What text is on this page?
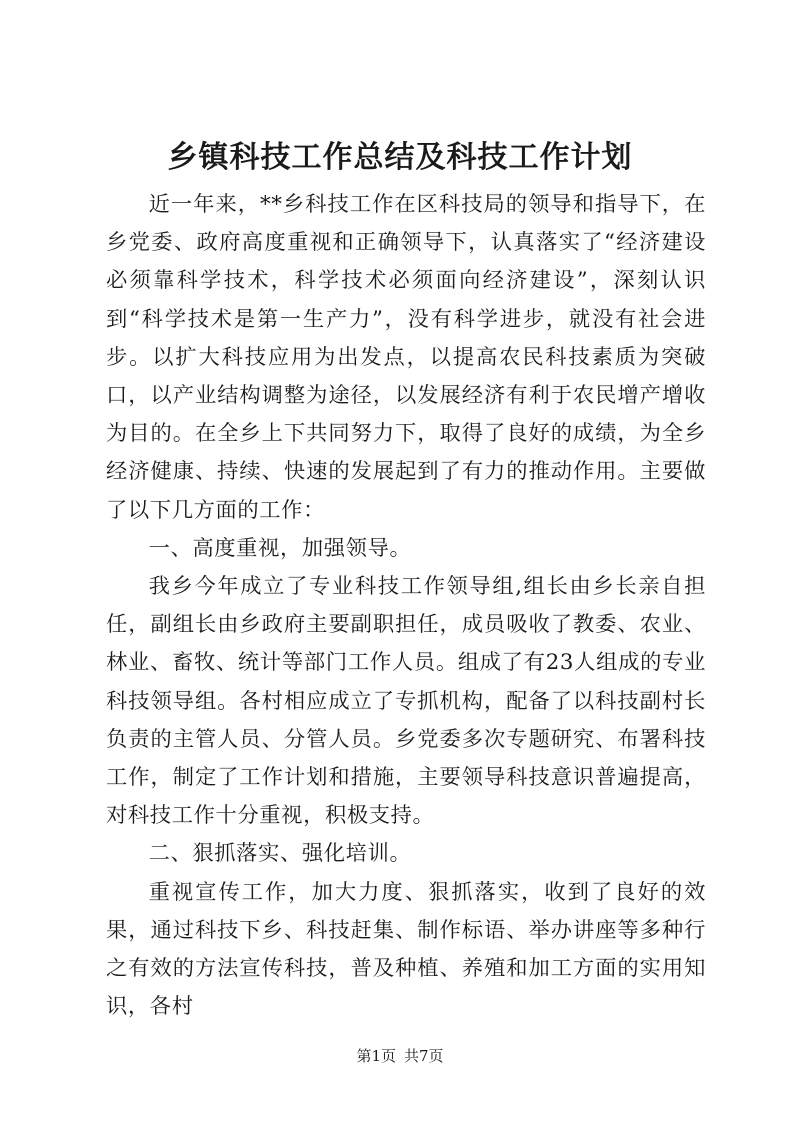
乡镇科技工作总结及科技工作计划

近一年来，**乡科技工作在区科技局的领导和指导下，在乡党委、政府高度重视和正确领导下，认真落实了“经济建设必须靠科学技术，科学技术必须面向经济建设”，深刻认识到“科学技术是第一生产力”，没有科学进步，就没有社会进步。以扩大科技应用为出发点，以提高农民科技素质为突破口，以产业结构调整为途径，以发展经济有利于农民增产增收为目的。在全乡上下共同努力下，取得了良好的成绩，为全乡经济健康、持续、快速的发展起到了有力的推动作用。主要做了以下几方面的工作：

一、高度重视，加强领导。

我乡今年成立了专业科技工作领导组,组长由乡长亲自担任，副组长由乡政府主要副职担任，成员吸收了教委、农业、林业、畜牧、统计等部门工作人员。组成了有23人组成的专业科技领导组。各村相应成立了专抓机构，配备了以科技副村长负责的主管人员、分管人员。乡党委多次专题研究、布署科技工作，制定了工作计划和措施，主要领导科技意识普遍提高，对科技工作十分重视，积极支持。

二、狠抓落实、强化培训。

重视宣传工作，加大力度、狠抓落实，收到了良好的效果，通过科技下乡、科技赶集、制作标语、举办讲座等多种行之有效的方法宣传科技，普及种植、养殖和加工方面的实用知识，各村

第1页 共7页
